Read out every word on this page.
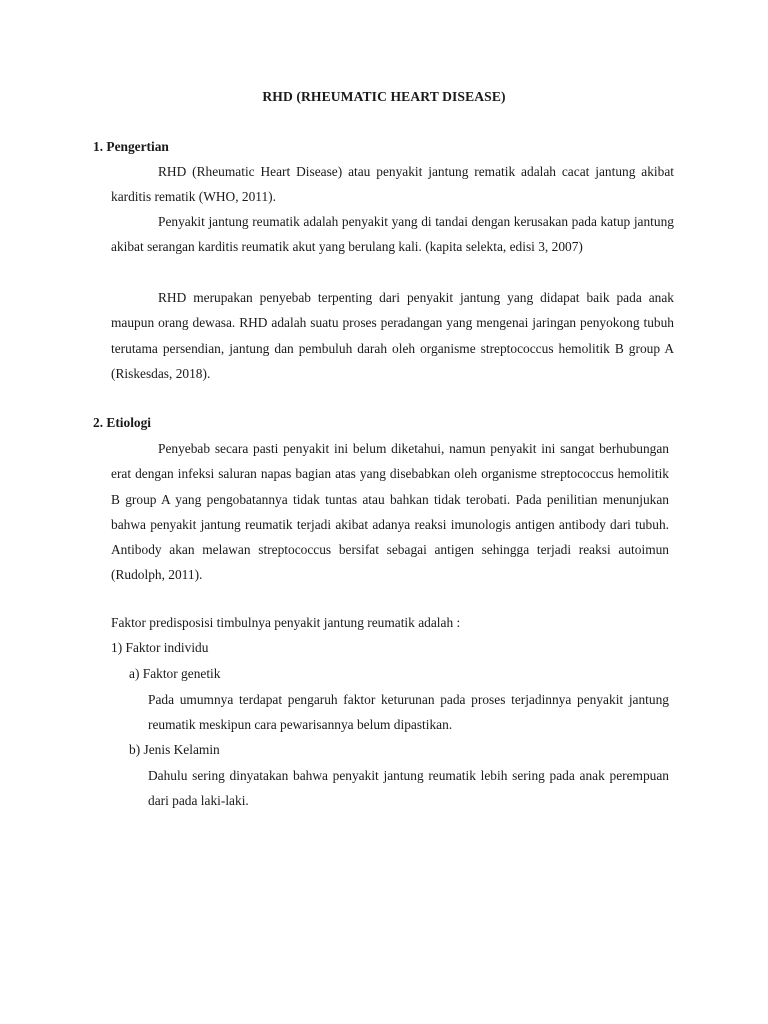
RHD (RHEUMATIC HEART DISEASE)
1. Pengertian

RHD (Rheumatic Heart Disease) atau penyakit jantung rematik adalah cacat jantung akibat karditis rematik (WHO, 2011).

Penyakit jantung reumatik adalah penyakit yang di tandai dengan kerusakan pada katup jantung akibat serangan karditis reumatik akut yang berulang kali. (kapita selekta, edisi 3, 2007)

RHD merupakan penyebab terpenting dari penyakit jantung yang didapat baik pada anak maupun orang dewasa. RHD adalah suatu proses peradangan yang mengenai jaringan penyokong tubuh terutama persendian, jantung dan pembuluh darah oleh organisme streptococcus hemolitik B group A (Riskesdas, 2018).

2. Etiologi

Penyebab secara pasti penyakit ini belum diketahui, namun penyakit ini sangat berhubungan erat dengan infeksi saluran napas bagian atas yang disebabkan oleh organisme streptococcus hemolitik B group A yang pengobatannya tidak tuntas atau bahkan tidak terobati. Pada penilitian menunjukan bahwa penyakit jantung reumatik terjadi akibat adanya reaksi imunologis antigen antibody dari tubuh. Antibody akan melawan streptococcus bersifat sebagai antigen sehingga terjadi reaksi autoimun (Rudolph, 2011).

Faktor predisposisi timbulnya penyakit jantung reumatik adalah :
1) Faktor individu
a) Faktor genetik

Pada umumnya terdapat pengaruh faktor keturunan pada proses terjadinnya penyakit jantung reumatik meskipun cara pewarisannya belum dipastikan.

b) Jenis Kelamin

Dahulu sering dinyatakan bahwa penyakit jantung reumatik lebih sering pada anak perempuan dari pada laki-laki.
